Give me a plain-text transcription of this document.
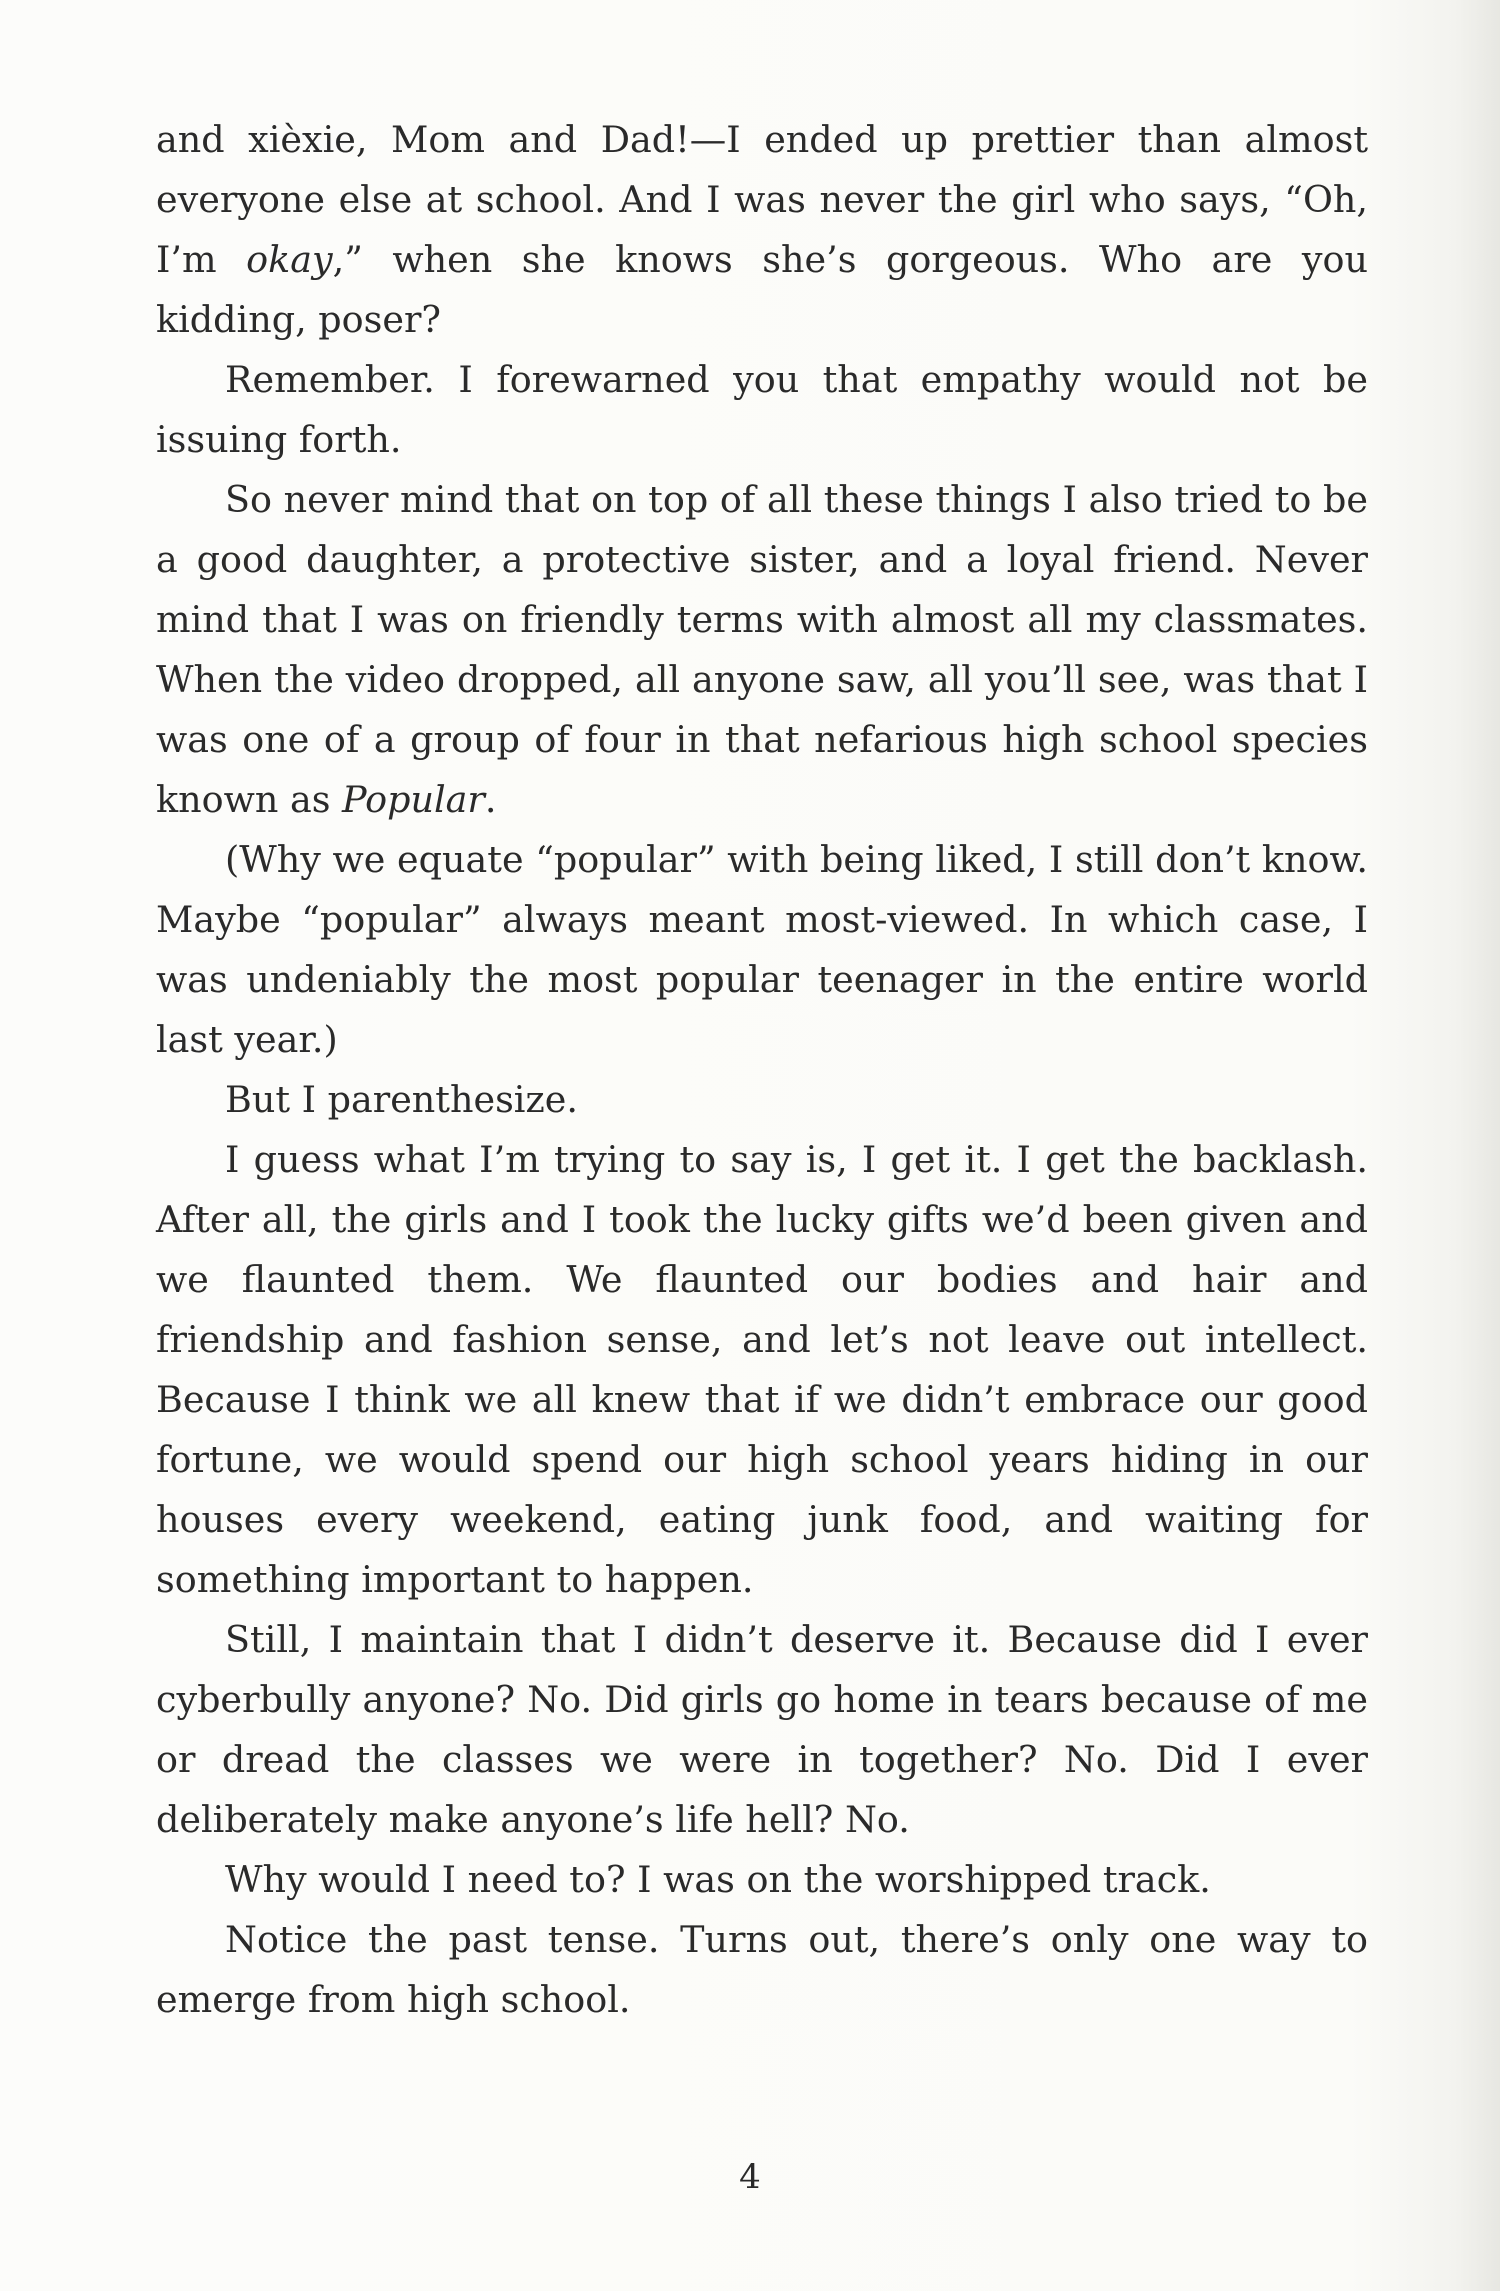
and xièxie, Mom and Dad!—I ended up prettier than almost everyone else at school. And I was never the girl who says, “Oh, I’m okay,” when she knows she’s gorgeous. Who are you kidding, poser?

Remember. I forewarned you that empathy would not be issuing forth.

So never mind that on top of all these things I also tried to be a good daughter, a protective sister, and a loyal friend. Never mind that I was on friendly terms with almost all my classmates. When the video dropped, all anyone saw, all you’ll see, was that I was one of a group of four in that nefarious high school species known as Popular.

(Why we equate “popular” with being liked, I still don’t know. Maybe “popular” always meant most-viewed. In which case, I was undeniably the most popular teenager in the entire world last year.)

But I parenthesize.

I guess what I’m trying to say is, I get it. I get the backlash. After all, the girls and I took the lucky gifts we’d been given and we flaunted them. We flaunted our bodies and hair and friendship and fashion sense, and let’s not leave out intellect. Because I think we all knew that if we didn’t embrace our good fortune, we would spend our high school years hiding in our houses every weekend, eating junk food, and waiting for something important to happen.

Still, I maintain that I didn’t deserve it. Because did I ever cyberbully anyone? No. Did girls go home in tears because of me or dread the classes we were in together? No. Did I ever deliberately make anyone’s life hell? No.

Why would I need to? I was on the worshipped track.

Notice the past tense. Turns out, there’s only one way to emerge from high school.

4
